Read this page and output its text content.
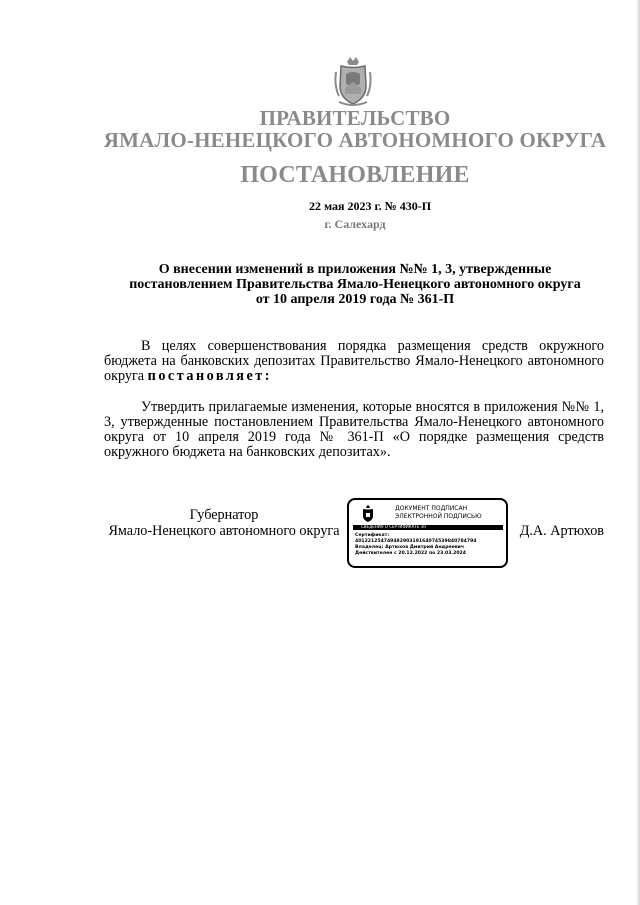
ПРАВИТЕЛЬСТВО
ЯМАЛО-НЕНЕЦКОГО АВТОНОМНОГО ОКРУГА
ПОСТАНОВЛЕНИЕ
22 мая 2023 г. № 430-П
г. Салехард
О внесении изменений в приложения №№ 1, 3, утвержденные
постановлением Правительства Ямало-Ненецкого автономного округа
от 10 апреля 2019 года № 361-П
В целях совершенствования порядка размещения средств окружного бюджета на банковских депозитах Правительство Ямало-Ненецкого автономного округа постановляет:
Утвердить прилагаемые изменения, которые вносятся в приложения №№ 1, 3, утвержденные постановлением Правительства Ямало-Ненецкого автономного округа от 10 апреля 2019 года № 361-П «О порядке размещения средств окружного бюджета на банковских депозитах».
Губернатор
Ямало-Ненецкого автономного округа
ДОКУМЕНТ ПОДПИСАН
ЭЛЕКТРОННОЙ ПОДПИСЬЮ
СВЕДЕНИЯ О СЕРТИФИКАТЕ ЭП
Сертификат:
40122125474948290319164074539840784794
Владелец: Артюхов Дмитрий Андреевич
Действителен с 20.12.2022 по 23.03.2024
Д.А. Артюхов
